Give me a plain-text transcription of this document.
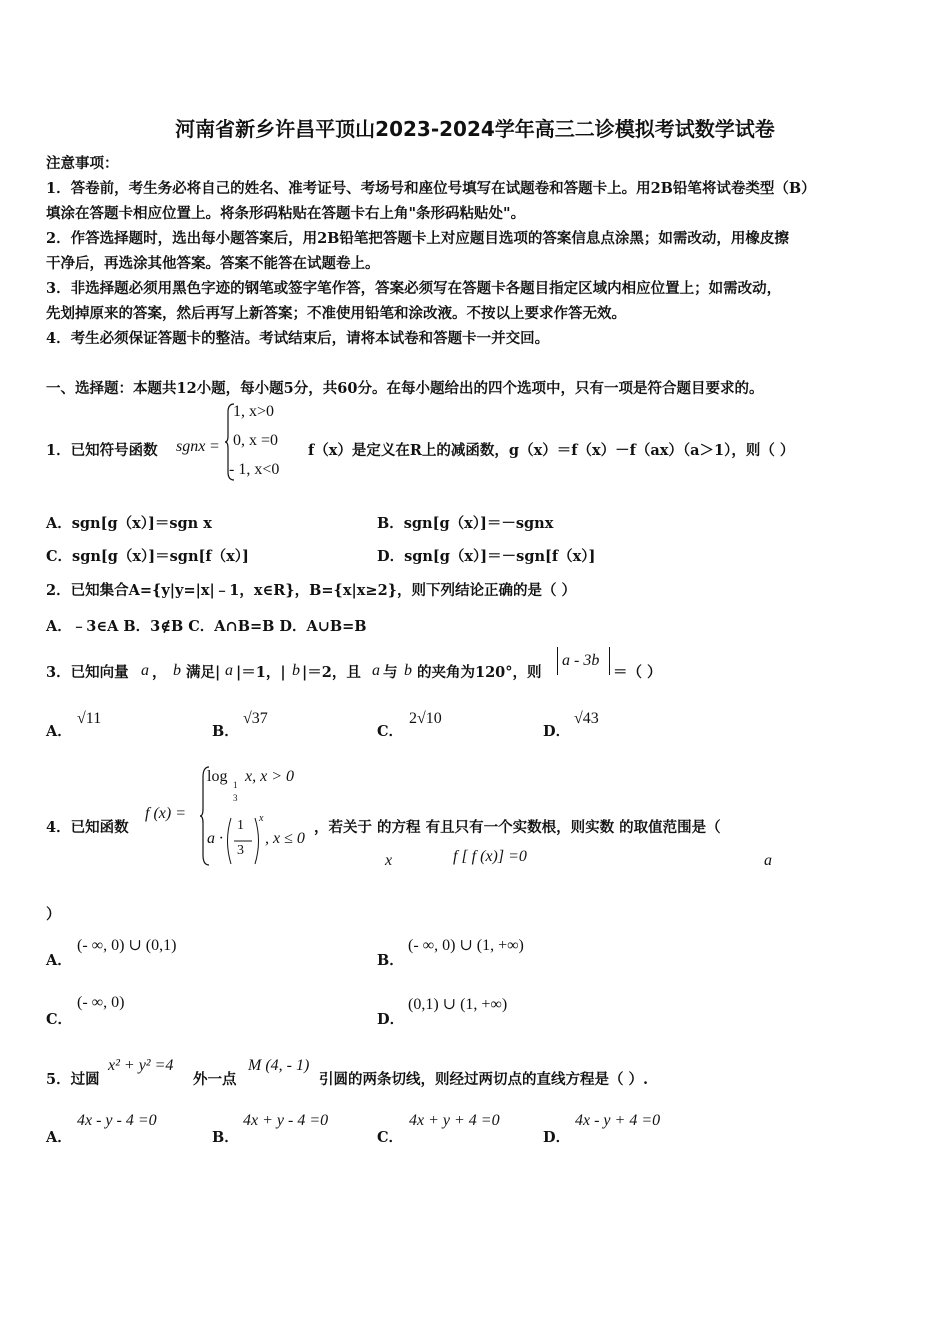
河南省新乡许昌平顶山2023-2024学年高三二诊模拟考试数学试卷
注意事项：
1．答卷前，考生务必将自己的姓名、准考证号、考场号和座位号填写在试题卷和答题卡上。用2B铅笔将试卷类型（B）
填涂在答题卡相应位置上。将条形码粘贴在答题卡右上角"条形码粘贴处"。
2．作答选择题时，选出每小题答案后，用2B铅笔把答题卡上对应题目选项的答案信息点涂黑；如需改动，用橡皮擦
干净后，再选涂其他答案。答案不能答在试题卷上。
3．非选择题必须用黑色字迹的钢笔或签字笔作答，答案必须写在答题卡各题目指定区域内相应位置上；如需改动，
先划掉原来的答案，然后再写上新答案；不准使用铅笔和涂改液。不按以上要求作答无效。
4．考生必须保证答题卡的整洁。考试结束后，请将本试卷和答题卡一并交回。
一、选择题：本题共12小题，每小题5分，共60分。在每小题给出的四个选项中，只有一项是符合题目要求的。
1．已知符号函数 sgnx =
1, x>0
0, x =0
- 1, x<0
f（x）是定义在R上的减函数，g（x）＝f（x）－f（ax）（a＞1），则（ ）
A．sgn[g（x）]＝sgn x	B．sgn[g（x）]＝－sgnx
C．sgn[g（x）]＝sgn[f（x）]	D．sgn[g（x）]＝－sgn[f（x）]
2．已知集合A={y|y=|x|﹣1，x∈R}，B={x|x≥2}，则下列结论正确的是（ ）
A．﹣3∈A B．3∉B C．A∩B=B D．A∪B=B
3．已知向量 a ， b 满足| a |＝1，| b |＝2，且 a 与 b 的夹角为120°，则
a - 3b
＝（ ）
A．
√11
B．
√37
C．
2√10
D．
√43
4．已知函数
f (x) =
log 1
3
x, x > 0
a ·
1
3
x
, x ≤ 0
，若关于 的方程 有且只有一个实数根，则实数 的取值范围是（
x	f [ f (x)] =0	a
）
A．
(- ∞, 0) ∪ (0,1)
B．
(- ∞, 0) ∪ (1, +∞)
C．
(- ∞, 0)
D．
(0,1) ∪ (1, +∞)
5．过圆
x² + y² =4
外一点
M (4, - 1)
引圆的两条切线，则经过两切点的直线方程是（ ）.
A．
4x - y - 4 =0
B．
4x + y - 4 =0
C．
4x + y + 4 =0
D．
4x - y + 4 =0
